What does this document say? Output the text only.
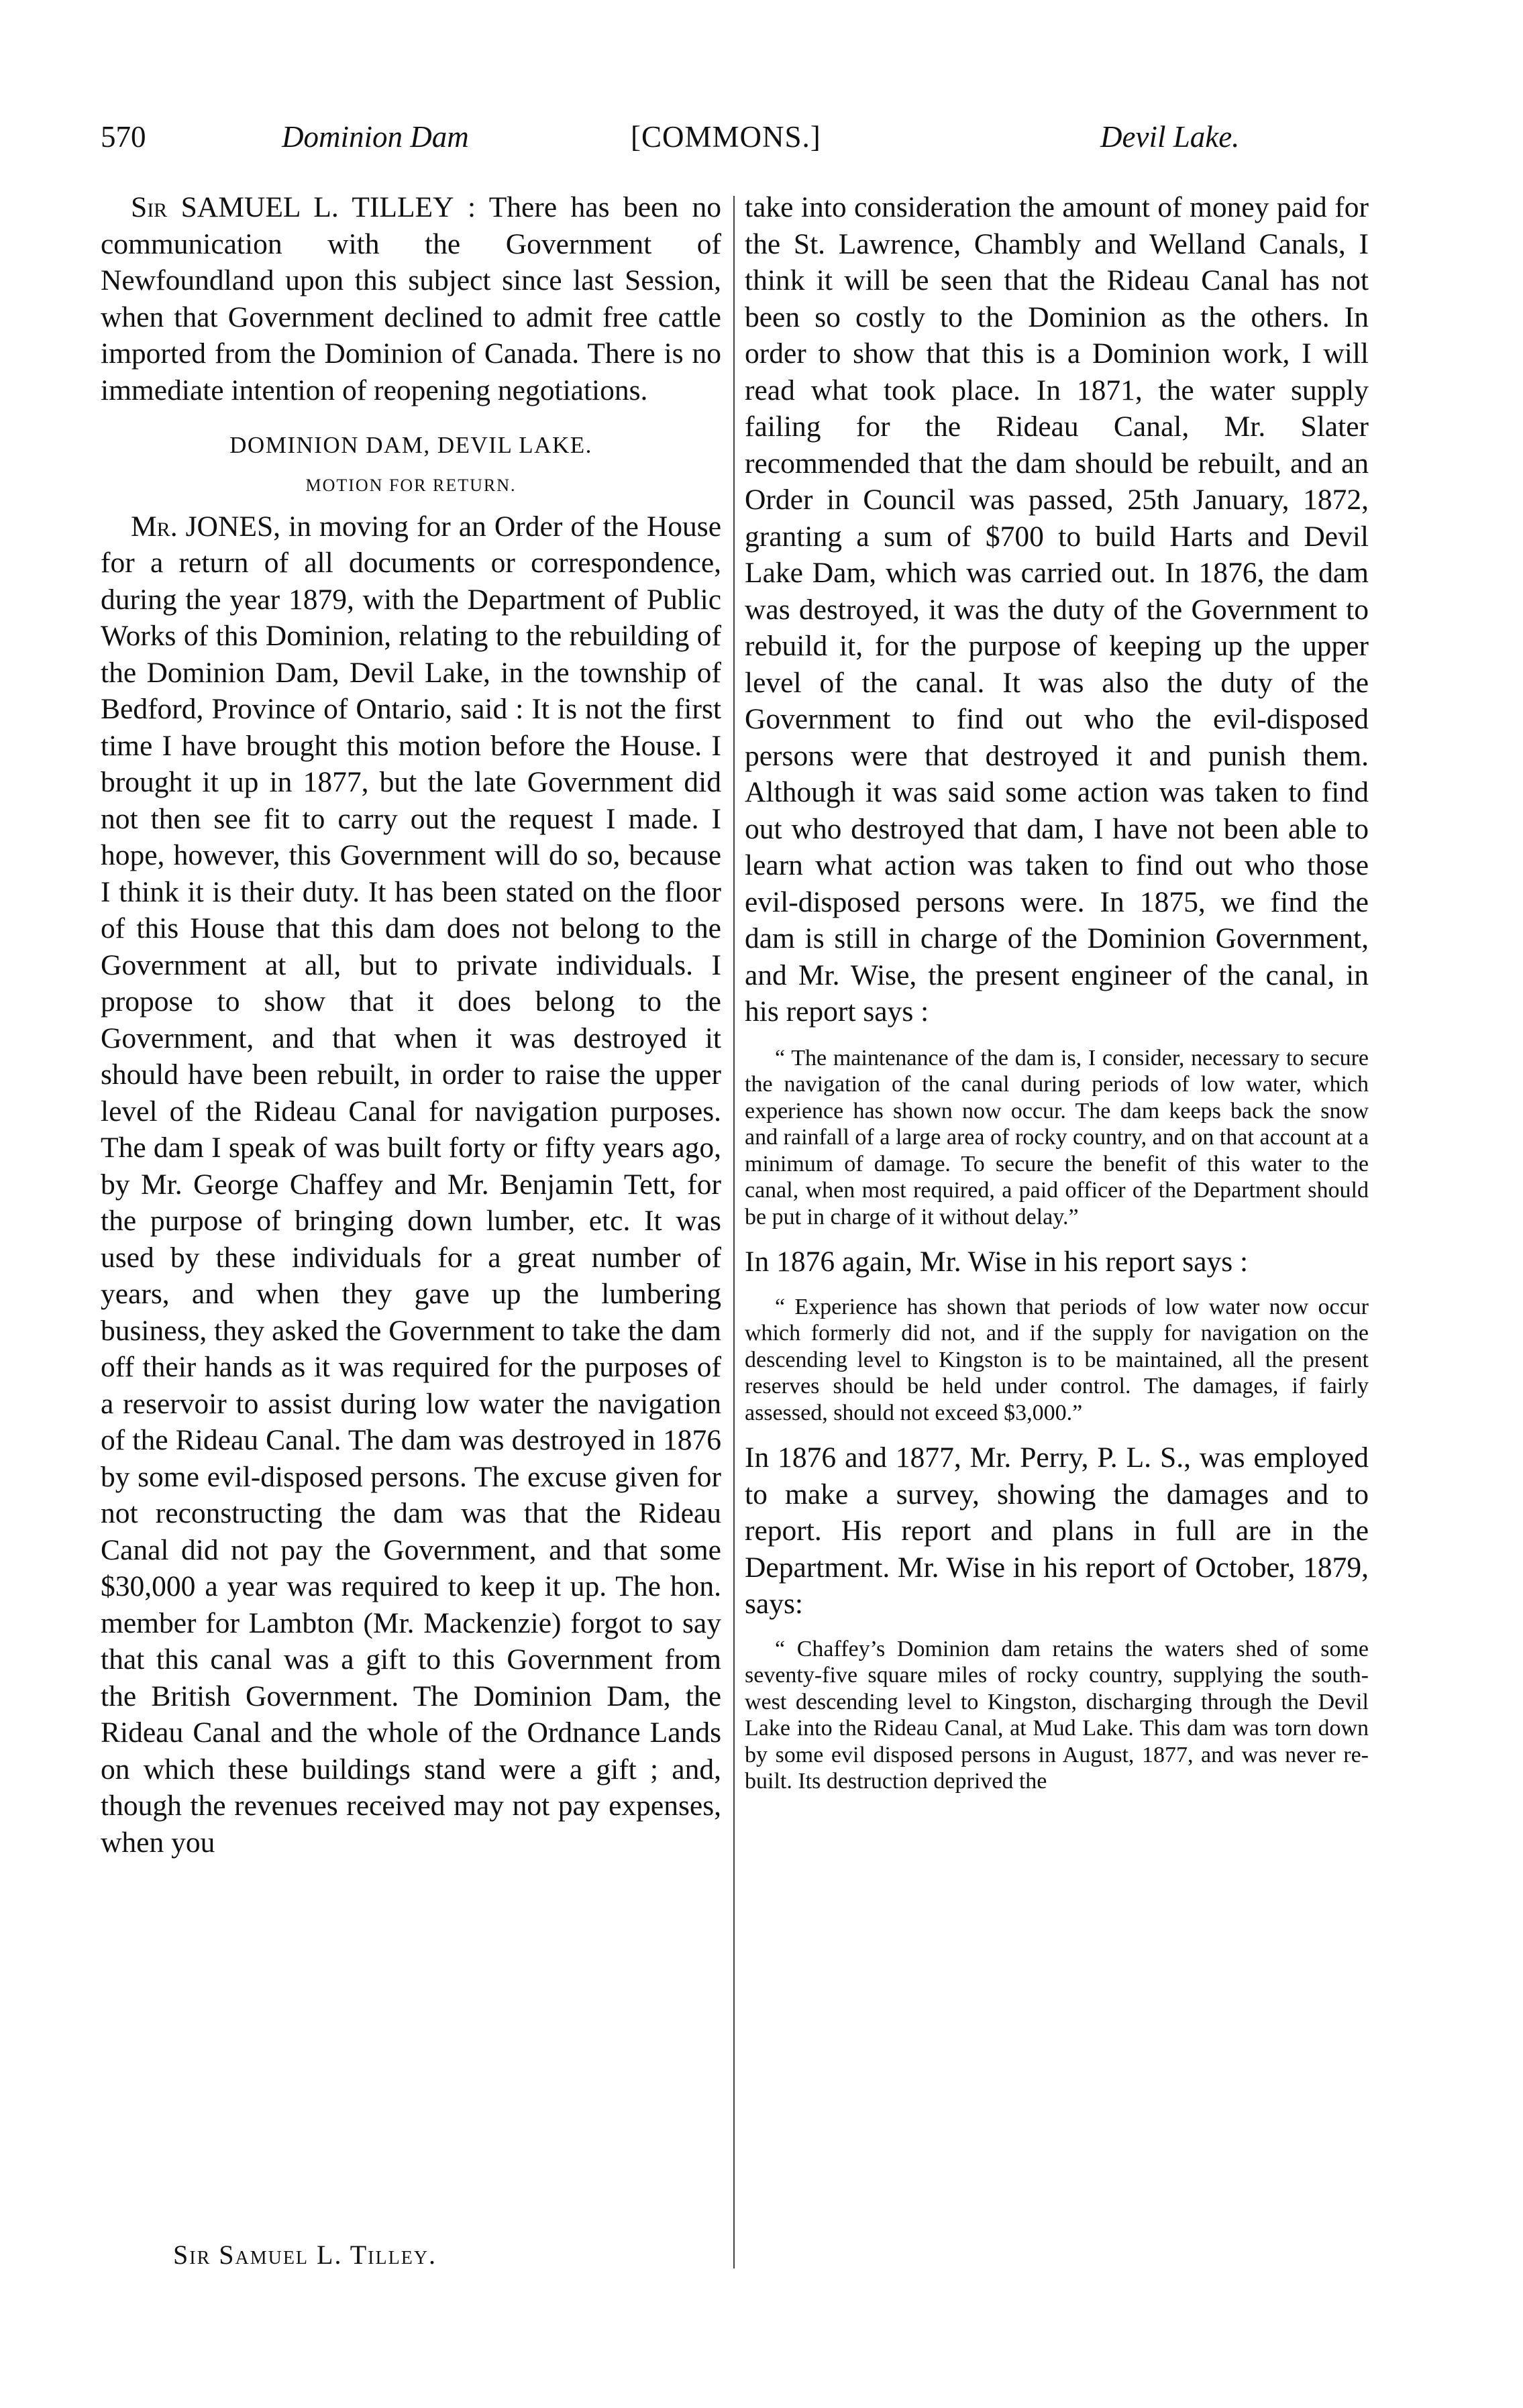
570	Dominion Dam	[COMMONS.]	Devil Lake.

Sir SAMUEL L. TILLEY : There has been no communication with the Government of Newfoundland upon this subject since last Session, when that Government declined to admit free cattle imported from the Dominion of Canada. There is no immediate intention of reopening negotiations.

DOMINION DAM, DEVIL LAKE.

MOTION FOR RETURN.

Mr. JONES, in moving for an Order of the House for a return of all documents or correspondence, during the year 1879, with the Department of Public Works of this Dominion, relating to the rebuilding of the Dominion Dam, Devil Lake, in the township of Bedford, Province of Ontario, said : It is not the first time I have brought this motion before the House. I brought it up in 1877, but the late Government did not then see fit to carry out the request I made. I hope, however, this Government will do so, because I think it is their duty. It has been stated on the floor of this House that this dam does not belong to the Government at all, but to private individuals. I propose to show that it does belong to the Government, and that when it was destroyed it should have been rebuilt, in order to raise the upper level of the Rideau Canal for navigation purposes. The dam I speak of was built forty or fifty years ago, by Mr. George Chaffey and Mr. Benjamin Tett, for the purpose of bringing down lumber, etc. It was used by these individuals for a great number of years, and when they gave up the lumbering business, they asked the Government to take the dam off their hands as it was required for the purposes of a reservoir to assist during low water the navigation of the Rideau Canal. The dam was destroyed in 1876 by some evil-disposed persons. The excuse given for not reconstructing the dam was that the Rideau Canal did not pay the Government, and that some $30,000 a year was required to keep it up. The hon. member for Lambton (Mr. Mackenzie) forgot to say that this canal was a gift to this Government from the British Government. The Dominion Dam, the Rideau Canal and the whole of the Ordnance Lands on which these buildings stand were a gift ; and, though the revenues received may not pay expenses, when you

take into consideration the amount of money paid for the St. Lawrence, Chambly and Welland Canals, I think it will be seen that the Rideau Canal has not been so costly to the Dominion as the others. In order to show that this is a Dominion work, I will read what took place. In 1871, the water supply failing for the Rideau Canal, Mr. Slater recommended that the dam should be rebuilt, and an Order in Council was passed, 25th January, 1872, granting a sum of $700 to build Harts and Devil Lake Dam, which was carried out. In 1876, the dam was destroyed, it was the duty of the Government to rebuild it, for the purpose of keeping up the upper level of the canal. It was also the duty of the Government to find out who the evil-disposed persons were that destroyed it and punish them. Although it was said some action was taken to find out who destroyed that dam, I have not been able to learn what action was taken to find out who those evil-disposed persons were. In 1875, we find the dam is still in charge of the Dominion Government, and Mr. Wise, the present engineer of the canal, in his report says :

“ The maintenance of the dam is, I consider, necessary to secure the navigation of the canal during periods of low water, which experience has shown now occur. The dam keeps back the snow and rainfall of a large area of rocky country, and on that account at a minimum of damage. To secure the benefit of this water to the canal, when most required, a paid officer of the Department should be put in charge of it without delay.”

In 1876 again, Mr. Wise in his report says :

“ Experience has shown that periods of low water now occur which formerly did not, and if the supply for navigation on the descending level to Kingston is to be maintained, all the present reserves should be held under control. The damages, if fairly assessed, should not exceed $3,000.”

In 1876 and 1877, Mr. Perry, P. L. S., was employed to make a survey, showing the damages and to report. His report and plans in full are in the Department. Mr. Wise in his report of October, 1879, says:

“ Chaffey’s Dominion dam retains the waters shed of some seventy-five square miles of rocky country, supplying the south-west descending level to Kingston, discharging through the Devil Lake into the Rideau Canal, at Mud Lake. This dam was torn down by some evil disposed persons in August, 1877, and was never re-built. Its destruction deprived the

Sir Samuel L. Tilley.
